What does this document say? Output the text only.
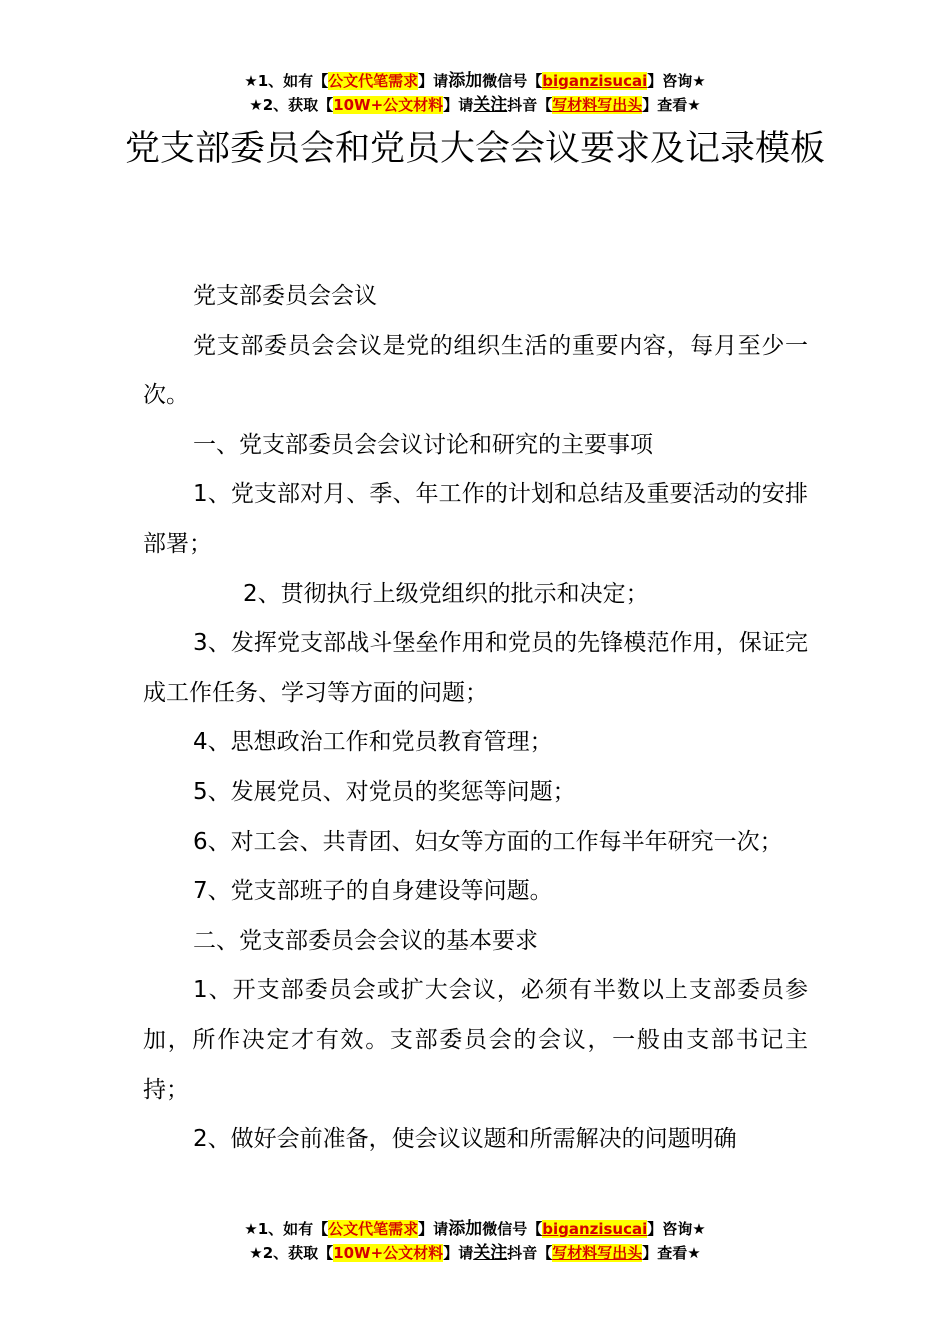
★1、如有【公文代笔需求】请添加微信号【biganzisucai】咨询★
★2、获取【10W+公文材料】请关注抖音【写材料写出头】查看★
党支部委员会和党员大会会议要求及记录模板

党支部委员会会议

党支部委员会会议是党的组织生活的重要内容，每月至少一次。

一、党支部委员会会议讨论和研究的主要事项

1、党支部对月、季、年工作的计划和总结及重要活动的安排部署；

2、贯彻执行上级党组织的批示和决定；

3、发挥党支部战斗堡垒作用和党员的先锋模范作用，保证完成工作任务、学习等方面的问题；

4、思想政治工作和党员教育管理；

5、发展党员、对党员的奖惩等问题；

6、对工会、共青团、妇女等方面的工作每半年研究一次；

7、党支部班子的自身建设等问题。

二、党支部委员会会议的基本要求

1、开支部委员会或扩大会议，必须有半数以上支部委员参加，所作决定才有效。支部委员会的会议，一般由支部书记主持；

2、做好会前准备，使会议议题和所需解决的问题明确

★1、如有【公文代笔需求】请添加微信号【biganzisucai】咨询★
★2、获取【10W+公文材料】请关注抖音【写材料写出头】查看★
